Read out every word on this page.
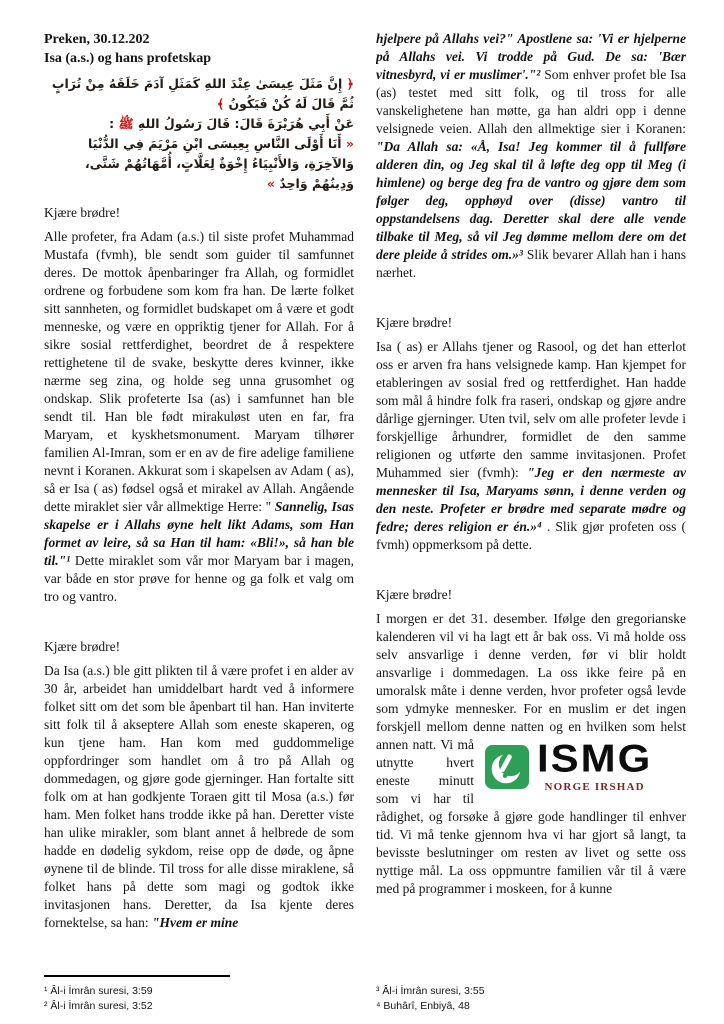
Preken, 30.12.202
Isa (a.s.) og hans profetskap

﴿ إِنَّ مَثَلَ عِيسَىٰ عِنْدَ اللهِ كَمَثَلِ آدَمَ خَلَقَهُ مِنْ تُرَابٍ ثُمَّ قَالَ لَهُ كُنْ فَيَكُونُ ﴾

عَنْ أَبِي هُرَيْرَةَ قَالَ: قَالَ رَسُولُ اللهِ ﷺ :

« أَنَا أَوْلَى النَّاسِ بِعِيسَى ابْنِ مَرْيَمَ فِي الدُّنْيَا وَالآخِرَةِ، وَالأَنْبِيَاءُ إِخْوَةٌ لِعَلَّاتٍ، أُمَّهَاتُهُمْ شَتَّى، وَدِينُهُمْ وَاحِدٌ »

Kjære brødre!

Alle profeter, fra Adam (a.s.) til siste profet Muhammad Mustafa (fvmh), ble sendt som guider til samfunnet deres. De mottok åpenbaringer fra Allah, og formidlet ordrene og forbudene som kom fra han. De lærte folket sitt sannheten, og formidlet budskapet om å være et godt menneske, og være en oppriktig tjener for Allah. For å sikre sosial rettferdighet, beordret de å respektere rettighetene til de svake, beskytte deres kvinner, ikke nærme seg zina, og holde seg unna grusomhet og ondskap. Slik profeterte Isa (as) i samfunnet han ble sendt til. Han ble født mirakuløst uten en far, fra Maryam, et kyskhetsmonument. Maryam tilhører familien Al-Imran, som er en av de fire adelige familiene nevnt i Koranen. Akkurat som i skapelsen av Adam ( as), så er Isa ( as) fødsel også et mirakel av Allah. Angående dette miraklet sier vår allmektige Herre: " Sannelig, Isas skapelse er i Allahs øyne helt likt Adams, som Han formet av leire, så sa Han til ham: «Bli!», så han ble til."¹ Dette miraklet som vår mor Maryam bar i magen, var både en stor prøve for henne og ga folk et valg om tro og vantro.

Kjære brødre!

Da Isa (a.s.) ble gitt plikten til å være profet i en alder av 30 år, arbeidet han umiddelbart hardt ved å informere folket sitt om det som ble åpenbart til han. Han inviterte sitt folk til å akseptere Allah som eneste skaperen, og kun tjene ham. Han kom med guddommelige oppfordringer som handlet om å tro på Allah og dommedagen, og gjøre gode gjerninger. Han fortalte sitt folk om at han godkjente Toraen gitt til Mosa (a.s.) før ham. Men folket hans trodde ikke på han. Deretter viste han ulike mirakler, som blant annet å helbrede de som hadde en dødelig sykdom, reise opp de døde, og åpne øynene til de blinde. Til tross for alle disse miraklene, så folket hans på dette som magi og godtok ikke invitasjonen hans. Deretter, da Isa kjente deres fornektelse, sa han: "Hvem er mine

¹ Âl-i İmrân suresi, 3:59

² Âl-i İmrân suresi, 3:52

hjelpere på Allahs vei?" Apostlene sa: 'Vi er hjelperne på Allahs vei. Vi trodde på Gud. De sa: 'Bær vitnesbyrd, vi er muslimer'."² Som enhver profet ble Isa (as) testet med sitt folk, og til tross for alle vanskelighetene han møtte, ga han aldri opp i denne velsignede veien. Allah den allmektige sier i Koranen: "Da Allah sa: «Å, Isa! Jeg kommer til å fullføre alderen din, og Jeg skal til å løfte deg opp til Meg (i himlene) og berge deg fra de vantro og gjøre dem som følger deg, opphøyd over (disse) vantro til oppstandelsens dag. Deretter skal dere alle vende tilbake til Meg, så vil Jeg dømme mellom dere om det dere pleide å strides om.»³ Slik bevarer Allah han i hans nærhet.

Kjære brødre!

Isa ( as) er Allahs tjener og Rasool, og det han etterlot oss er arven fra hans velsignede kamp. Han kjempet for etableringen av sosial fred og rettferdighet. Han hadde som mål å hindre folk fra raseri, ondskap og gjøre andre dårlige gjerninger. Uten tvil, selv om alle profeter levde i forskjellige århundrer, formidlet de den samme religionen og utførte den samme invitasjonen. Profet Muhammed sier (fvmh): "Jeg er den nærmeste av mennesker til Isa, Maryams sønn, i denne verden og den neste. Profeter er brødre med separate mødre og fedre; deres religion er én.»⁴ . Slik gjør profeten oss ( fvmh) oppmerksom på dette.

Kjære brødre!

I morgen er det 31. desember. Ifølge den gregorianske kalenderen vil vi ha lagt ett år bak oss. Vi må holde oss selv ansvarlige i denne verden, før vi blir holdt ansvarlige i dommedagen. La oss ikke feire på en umoralsk måte i denne verden, hvor profeter også levde som ydmyke mennesker. For en muslim er det ingen forskjell mellom denne natten og en
ISMG
NORGE IRSHAD
hvilken som helst annen natt. Vi må utnytte hvert eneste minutt som vi har til rådighet, og forsøke å gjøre gode handlinger til enhver tid. Vi må tenke gjennom hva vi har gjort så langt, ta bevisste beslutninger om resten av livet og sette oss nyttige mål. La oss oppmuntre familien vår til å være med på programmer i moskeen, for å kunne

³ Âl-i İmrân suresi, 3:55

⁴ Buhârî, Enbiyâ, 48
